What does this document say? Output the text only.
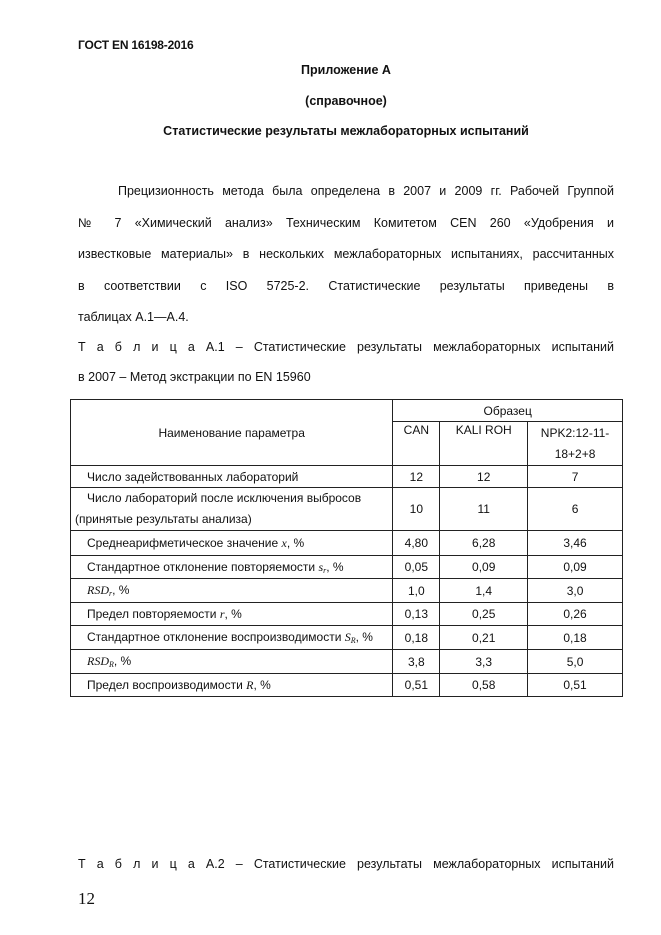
ГОСТ EN 16198-2016
Приложение А
(справочное)
Статистические результаты межлабораторных испытаний
Прецизионность метода была определена в 2007 и 2009 гг. Рабочей Группой
№ 7 «Химический анализ» Техническим Комитетом CEN 260 «Удобрения и
известковые материалы» в нескольких межлабораторных испытаниях, рассчитанных
в соответствии с ISO 5725-2. Статистические результаты приведены в
таблицах А.1—А.4.
Т а б л и ц а А.1 – Статистические результаты межлабораторных испытаний
в 2007 – Метод экстракции по EN 15960
Наименование параметра	Образец		
	CAN	KALI ROH	NPK2:12-11-18+2+8
Число задействованных лабораторий	12	12	7

Число лабораторий после исключения выбросов (принятые результаты анализа)	10	11	6
Среднеарифметическое значение x, %	4,80	6,28	3,46
Стандартное отклонение повторяемости $s_r$, %	0,05	0,09	0,09
$RSD_r$, %	1,0	1,4	3,0
Предел повторяемости r, %	0,13	0,25	0,26
Стандартное отклонение воспроизводимости $S_R$, %	0,18	0,21	0,18
$RSD_R$, %	3,8	3,3	5,0
Предел воспроизводимости R, %	0,51	0,58	0,51
Т а б л и ц а А.2 – Статистические результаты межлабораторных испытаний
12
